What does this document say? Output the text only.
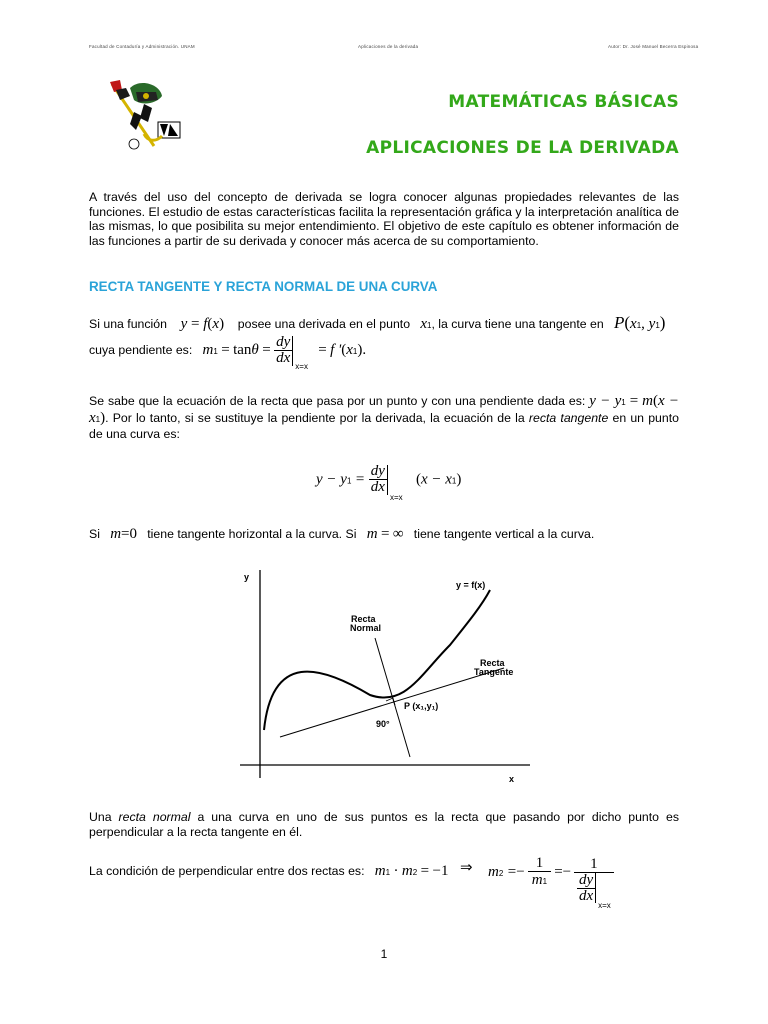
Facultad de Contaduría y Administración. UNAM	Aplicaciones de la derivada	Autor: Dr. José Manuel Becerra Espinosa
MATEMÁTICAS BÁSICAS
APLICACIONES DE LA DERIVADA
A través del uso del concepto de derivada se logra conocer algunas propiedades relevantes de las funciones. El estudio de estas características facilita la representación gráfica y la interpretación analítica de las mismas, lo que posibilita su mejor entendimiento. El objetivo de este capítulo es obtener información de las funciones a partir de su derivada y conocer más acerca de su comportamiento.
RECTA TANGENTE Y RECTA NORMAL DE UNA CURVA
Si una función y = f(x) posee una derivada en el punto x1, la curva tiene una tangente en P(x1, y1)
cuya pendiente es: $m1 = \tan\theta = \frac{dy}{dx} _{x=x} = f$ '(x1).
Se sabe que la ecuación de la recta que pasa por un punto y con una pendiente dada es: y − y1 = m(x − x1). Por lo tanto, si se sustituye la pendiente por la derivada, la ecuación de la recta tangente en un punto de una curva es:
$y - y1 = \frac{dy}{dx}$
$_{x=x}$   (x − x1)
Si m=0 tiene tangente horizontal a la curva. Si m = ∞ tiene tangente vertical a la curva.
y
x
y = f(x)
Recta
Normal
Recta
Tangente
P (x₁,y₁)
90°
Una recta normal a una curva en uno de sus puntos es la recta que pasando por dicho punto es perpendicular a la recta tangente en él.
La condición de perpendicular entre dos rectas es: m1 · m2 = −1 ⇒ $m2 =- \frac{1}{m1}$ =−	1
$\frac{dy}{dx}$
$_{x=x}$
1
